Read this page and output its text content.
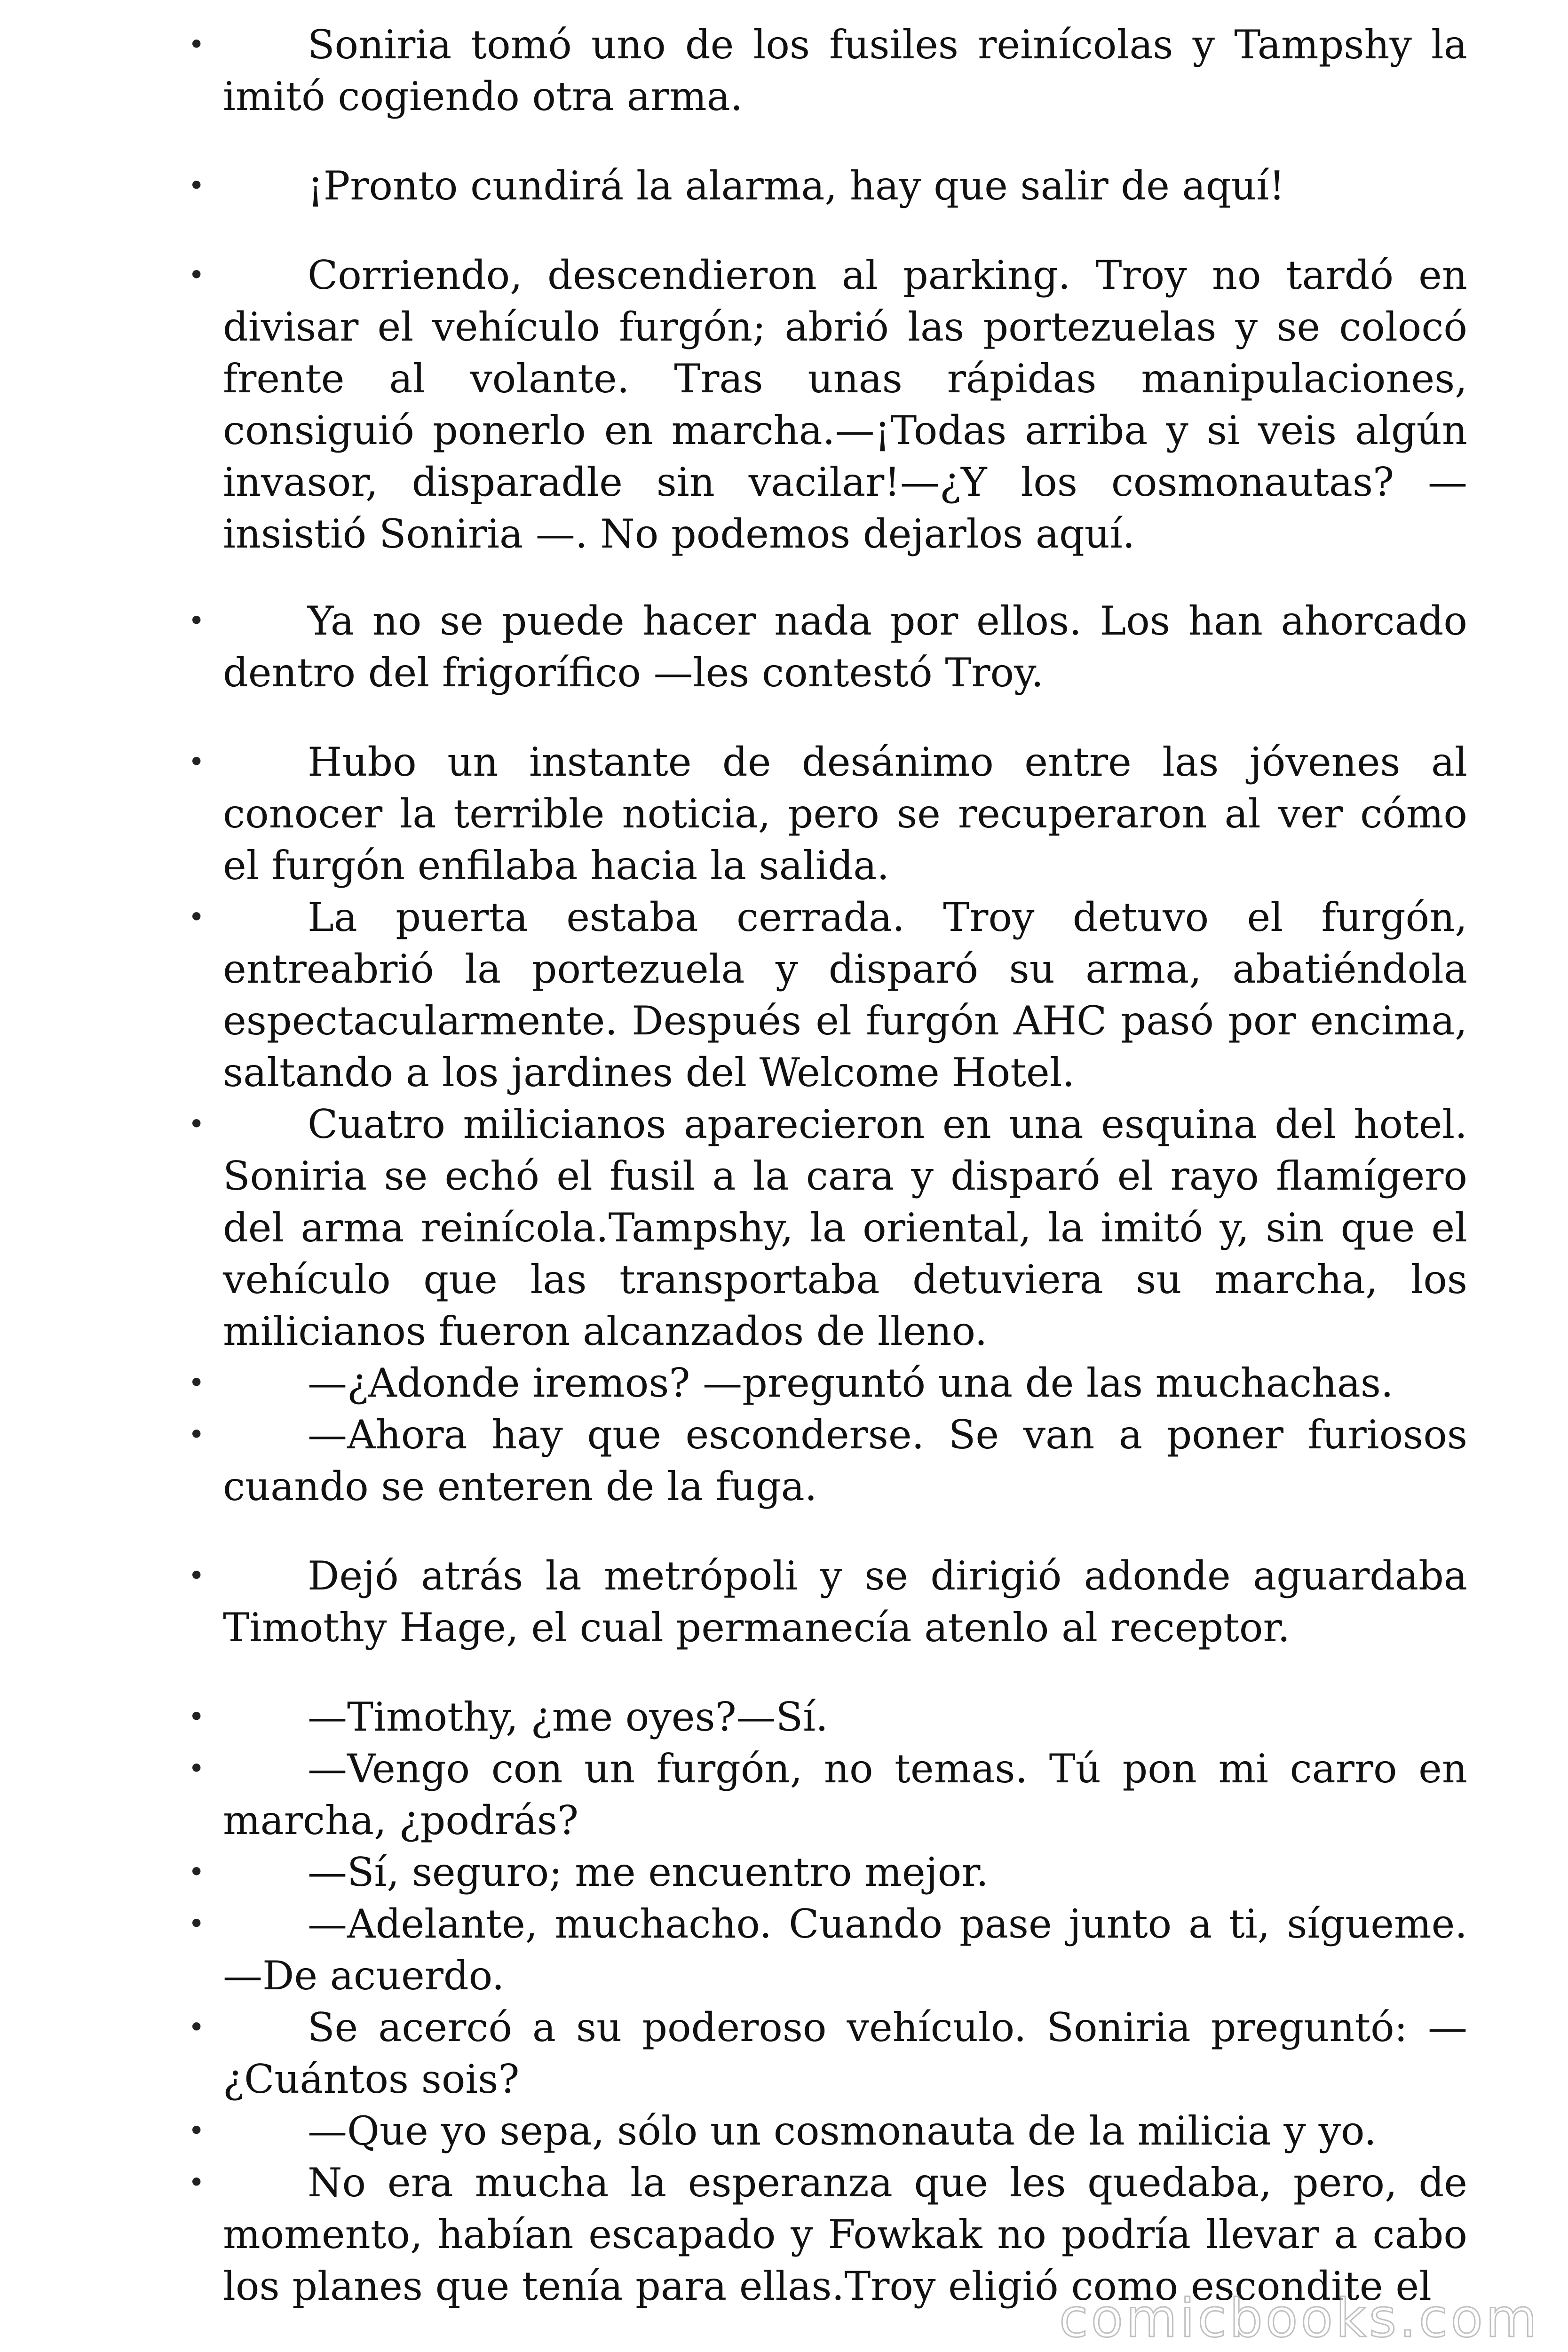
•	Soniria tomó uno de los fusiles reinícolas y Tampshy la imitó cogiendo otra arma.

•	¡Pronto cundirá la alarma, hay que salir de aquí!

•	Corriendo, descendieron al parking. Troy no tardó en divisar el vehículo furgón; abrió las portezuelas y se colocó frente al volante. Tras unas rápidas manipulaciones, consiguió ponerlo en marcha.—¡Todas arriba y si veis algún invasor, disparadle sin vacilar!—¿Y los cosmonautas? —insistió Soniria —. No podemos dejarlos aquí.

•	Ya no se puede hacer nada por ellos. Los han ahorcado dentro del frigorífico —les contestó Troy.

•	Hubo un instante de desánimo entre las jóvenes al conocer la terrible noticia, pero se recuperaron al ver cómo el furgón enfilaba hacia la salida.

•	La puerta estaba cerrada. Troy detuvo el furgón, entreabrió la portezuela y disparó su arma, abatiéndola espectacularmente. Después el furgón AHC pasó por encima, saltando a los jardines del Welcome Hotel.

•	Cuatro milicianos aparecieron en una esquina del hotel. Soniria se echó el fusil a la cara y disparó el rayo flamígero del arma reinícola.Tampshy, la oriental, la imitó y, sin que el vehículo que las transportaba detuviera su marcha, los milicianos fueron alcanzados de lleno.

•	—¿Adonde iremos? —preguntó una de las muchachas.

•	—Ahora hay que esconderse. Se van a poner furiosos cuando se enteren de la fuga.

•	Dejó atrás la metrópoli y se dirigió adonde aguardaba Timothy Hage, el cual permanecía atenlo al receptor.

•	—Timothy, ¿me oyes?—Sí.

•	—Vengo con un furgón, no temas. Tú pon mi carro en marcha, ¿podrás?

•	—Sí, seguro; me encuentro mejor.

•	—Adelante, muchacho. Cuando pase junto a ti, sígueme. —De acuerdo.

•	Se acercó a su poderoso vehículo. Soniria preguntó: —¿Cuántos sois?

•	—Que yo sepa, sólo un cosmonauta de la milicia y yo.

•	No era mucha la esperanza que les quedaba, pero, de momento, habían escapado y Fowkak no podría llevar a cabo los planes que tenía para ellas.Troy eligió como escondite el

comicbooks.com
